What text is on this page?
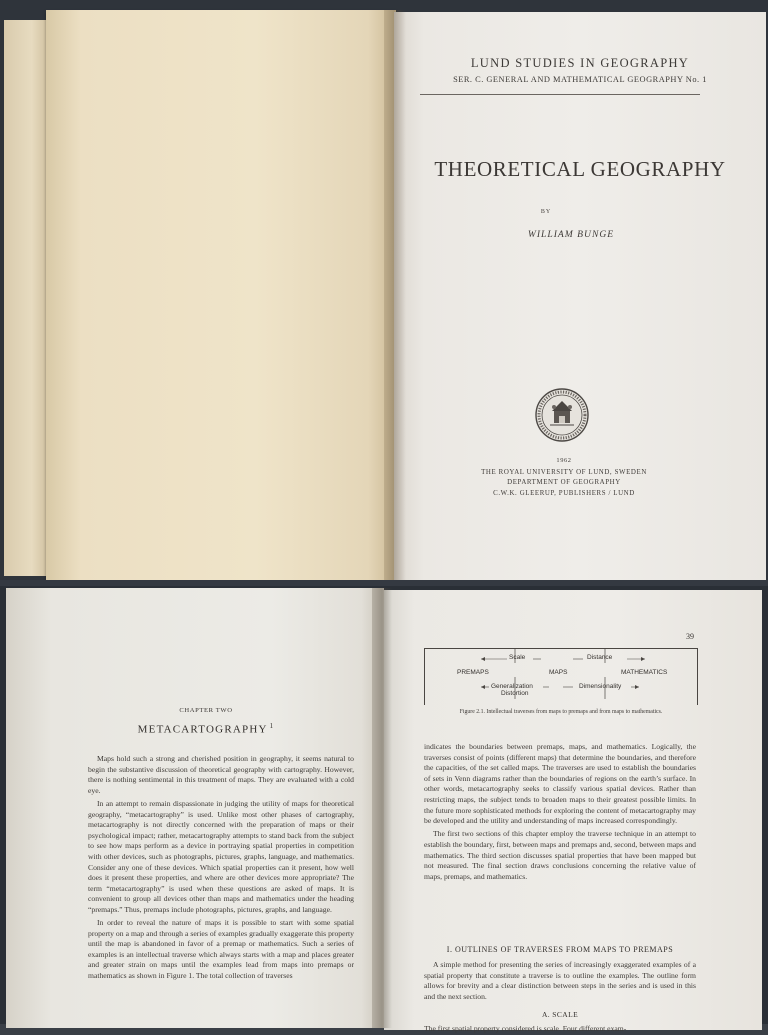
LUND STUDIES IN GEOGRAPHY
SER. C. GENERAL AND MATHEMATICAL GEOGRAPHY No. 1
THEORETICAL GEOGRAPHY
BY
WILLIAM BUNGE
1962
THE ROYAL UNIVERSITY OF LUND, SWEDEN
DEPARTMENT OF GEOGRAPHY
C.W.K. GLEERUP, PUBLISHERS / LUND
CHAPTER TWO
METACARTOGRAPHY $^1$

Maps hold such a strong and cherished position in geography, it seems natural to begin the substantive discussion of theoretical geography with cartography. However, there is nothing sentimental in this treatment of maps. They are evaluated with a cold eye.

In an attempt to remain dispassionate in judging the utility of maps for theoretical geography, “metacartography” is used. Unlike most other phases of cartography, metacartography is not directly concerned with the preparation of maps or their psychological impact; rather, metacartography attempts to stand back from the subject to see how maps perform as a device in portraying spatial properties in competition with other devices, such as photographs, pictures, graphs, language, and mathematics. Consider any one of these devices. Which spatial properties can it present, how well does it present these properties, and where are other devices more appropriate? The term “metacartography” is used when these questions are asked of maps. It is convenient to group all devices other than maps and mathematics under the heading “premaps.” Thus, premaps include photographs, pictures, graphs, and language.

In order to reveal the nature of maps it is possible to start with some spatial property on a map and through a series of examples gradually exaggerate this property until the map is abandoned in favor of a premap or mathematics. Such a series of examples is an intellectual traverse which always starts with a map and places greater and greater strain on maps until the examples lead from maps into premaps or mathematics as shown in Figure 1. The total collection of traverses

39
Scale	Distance
PREMAPS	MAPS	MATHEMATICS
Generalization
Distortion
Dimensionality
Figure 2.1. Intellectual traverses from maps to premaps and from maps to mathematics.

indicates the boundaries between premaps, maps, and mathematics. Logically, the traverses consist of points (different maps) that determine the boundaries, and therefore the capacities, of the set called maps. The traverses are used to establish the boundaries of sets in Venn diagrams rather than the boundaries of regions on the earth’s surface. In other words, metacartography seeks to classify various spatial devices. Rather than restricting maps, the subject tends to broaden maps to their greatest possible limits. In the future more sophisticated methods for exploring the content of metacartography may be developed and the utility and understanding of maps increased correspondingly.

The first two sections of this chapter employ the traverse technique in an attempt to establish the boundary, first, between maps and premaps and, second, between maps and mathematics. The third section discusses spatial properties that have been mapped but not measured. The final section draws conclusions concerning the relative value of maps, premaps, and mathematics.

I. OUTLINES OF TRAVERSES FROM MAPS TO PREMAPS

A simple method for presenting the series of increasingly exaggerated examples of a spatial property that constitute a traverse is to outline the examples. The outline form allows for brevity and a clear distinction between steps in the series and is used in this and the next section.

A. SCALE
The first spatial property considered is scale. Four different exam-
